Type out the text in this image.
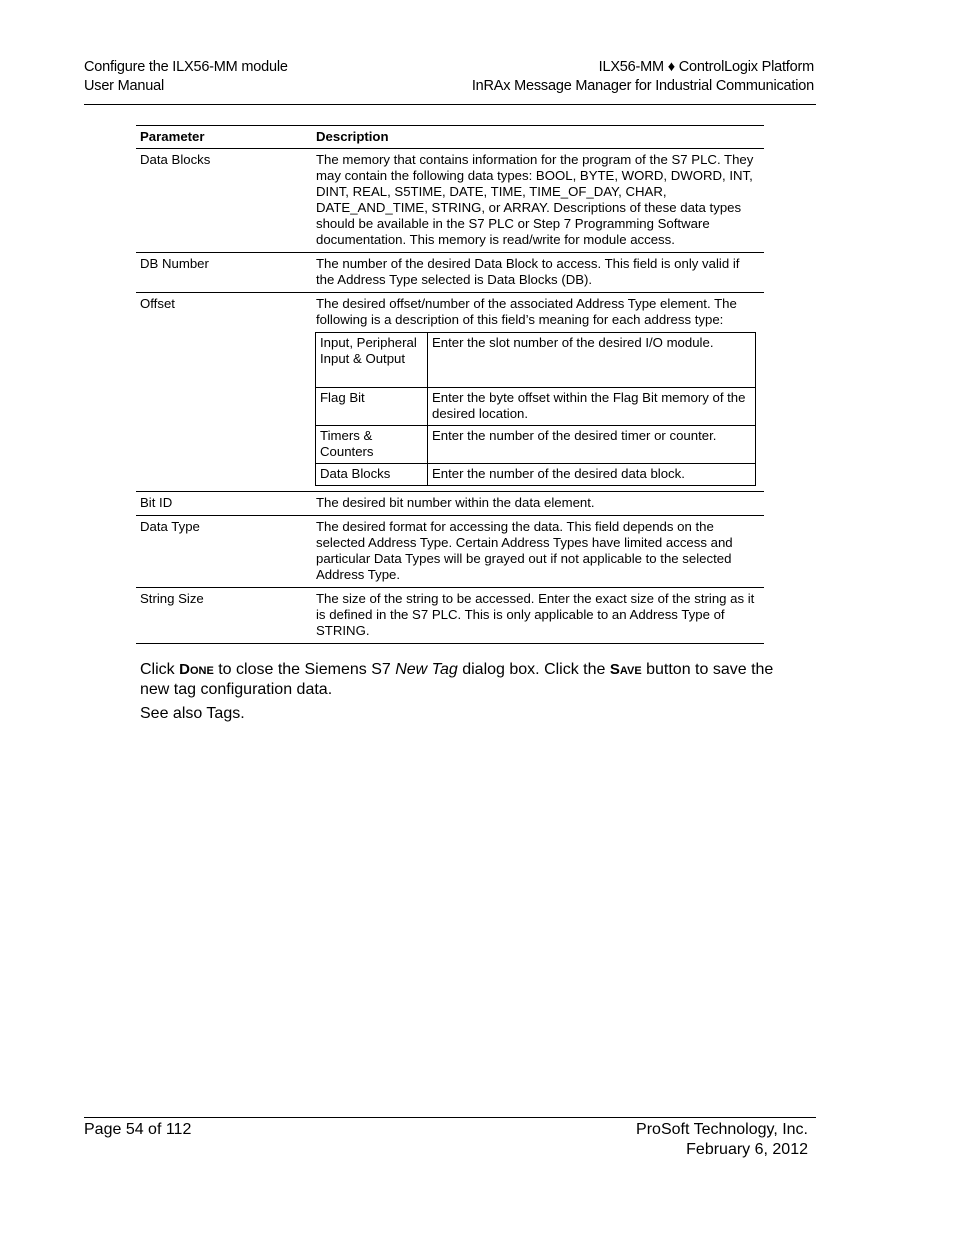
Configure the ILX56-MM module
User Manual
ILX56-MM ♦ ControlLogix Platform
InRAx Message Manager for Industrial Communication
Parameter	Description
Data Blocks	The memory that contains information for the program of the S7 PLC. They may contain the following data types: BOOL, BYTE, WORD, DWORD, INT, DINT, REAL, S5TIME, DATE, TIME, TIME_OF_DAY, CHAR, DATE_AND_TIME, STRING, or ARRAY. Descriptions of these data types should be available in the S7 PLC or Step 7 Programming Software documentation. This memory is read/write for module access.
DB Number	The number of the desired Data Block to access. This field is only valid if the Address Type selected is Data Blocks (DB).
Offset	The desired offset/number of the associated Address Type element. The following is a description of this field’s meaning for each address type:
Input, Peripheral Input & Output	Enter the slot number of the desired I/O module.
Flag Bit	Enter the byte offset within the Flag Bit memory of the desired location.
Timers & Counters	Enter the number of the desired timer or counter.
Data Blocks	Enter the number of the desired data block.

Bit ID	The desired bit number within the data element.
Data Type	The desired format for accessing the data. This field depends on the selected Address Type. Certain Address Types have limited access and particular Data Types will be grayed out if not applicable to the selected Address Type.
String Size	The size of the string to be accessed. Enter the exact size of the string as it is defined in the S7 PLC. This is only applicable to an Address Type of STRING.

Click Done to close the Siemens S7 New Tag dialog box. Click the Save button to save the new tag configuration data.

See also Tags.

Page 54 of 112	ProSoft Technology, Inc.
February 6, 2012
